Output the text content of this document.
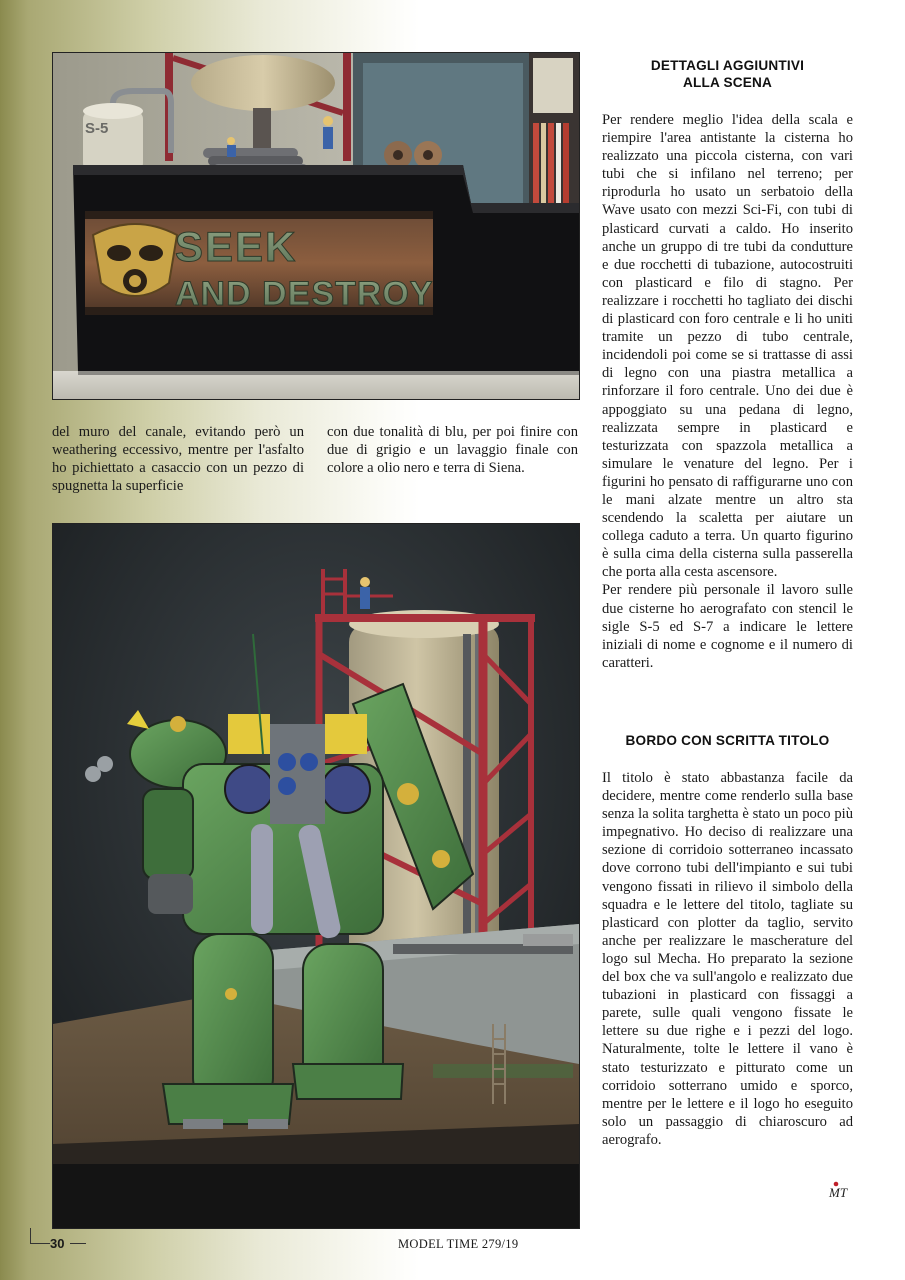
S-5
SEEK
AND DESTROY
DETTAGLI AGGIUNTIVI
ALLA SCENA

Per rendere meglio l'idea della scala e riempire l'area antistante la cisterna ho realizzato una piccola cisterna, con vari tubi che si infilano nel terreno; per riprodurla ho usato un serbatoio della Wave usato con mezzi Sci-Fi, con tubi di plasticard curvati a caldo. Ho inserito anche un gruppo di tre tubi da condutture e due rocchetti di tubazione, autocostruiti con plasticard e filo di stagno. Per realizzare i rocchetti ho tagliato dei dischi di plasticard con foro centrale e li ho uniti tramite un pezzo di tubo centrale, incidendoli poi come se si trattasse di assi di legno con una piastra metallica a rinforzare il foro centrale. Uno dei due è appoggiato su una pedana di legno, realizzata sempre in plasticard e testurizzata con spazzola metallica a simulare le venature del legno. Per i figurini ho pensato di raffigurarne uno con le mani alzate mentre un altro sta scendendo la scaletta per aiutare un collega caduto a terra. Un quarto figurino è sulla cima della cisterna sulla passerella che porta alla cesta ascensore.

Per rendere più personale il lavoro sulle due cisterne ho aerografato con stencil le sigle S-5 ed S-7 a indicare le lettere iniziali di nome e cognome e il numero di caratteri.

BORDO CON SCRITTA TITOLO

Il titolo è stato abbastanza facile da decidere, mentre come renderlo sulla base senza la solita targhetta è stato un poco più impegnativo. Ho deciso di realizzare una sezione di corridoio sotterraneo incassato dove corrono tubi dell'impianto e sui tubi vengono fissati in rilievo il simbolo della squadra e le lettere del titolo, tagliate su plasticard con plotter da taglio, servito anche per realizzare le mascherature del logo sul Mecha. Ho preparato la sezione del box che va sull'angolo e realizzato due tubazioni in plasticard con fissaggi a parete, sulle quali vengono fissate le lettere su due righe e i pezzi del logo. Naturalmente, tolte le lettere il vano è stato testurizzato e pitturato come un corridoio sotterrano umido e sporco, mentre per le lettere e il logo ho eseguito solo un passaggio di chiaroscuro ad aerografo.

MT

del muro del canale, evitando però un weathering eccessivo, mentre per l'asfalto ho pichiettato a casaccio con un pezzo di spugnetta la superficie

con due tonalità di blu, per poi finire con due di grigio e un lavaggio finale con colore a olio nero e terra di Siena.

30	MODEL TIME 279/19
